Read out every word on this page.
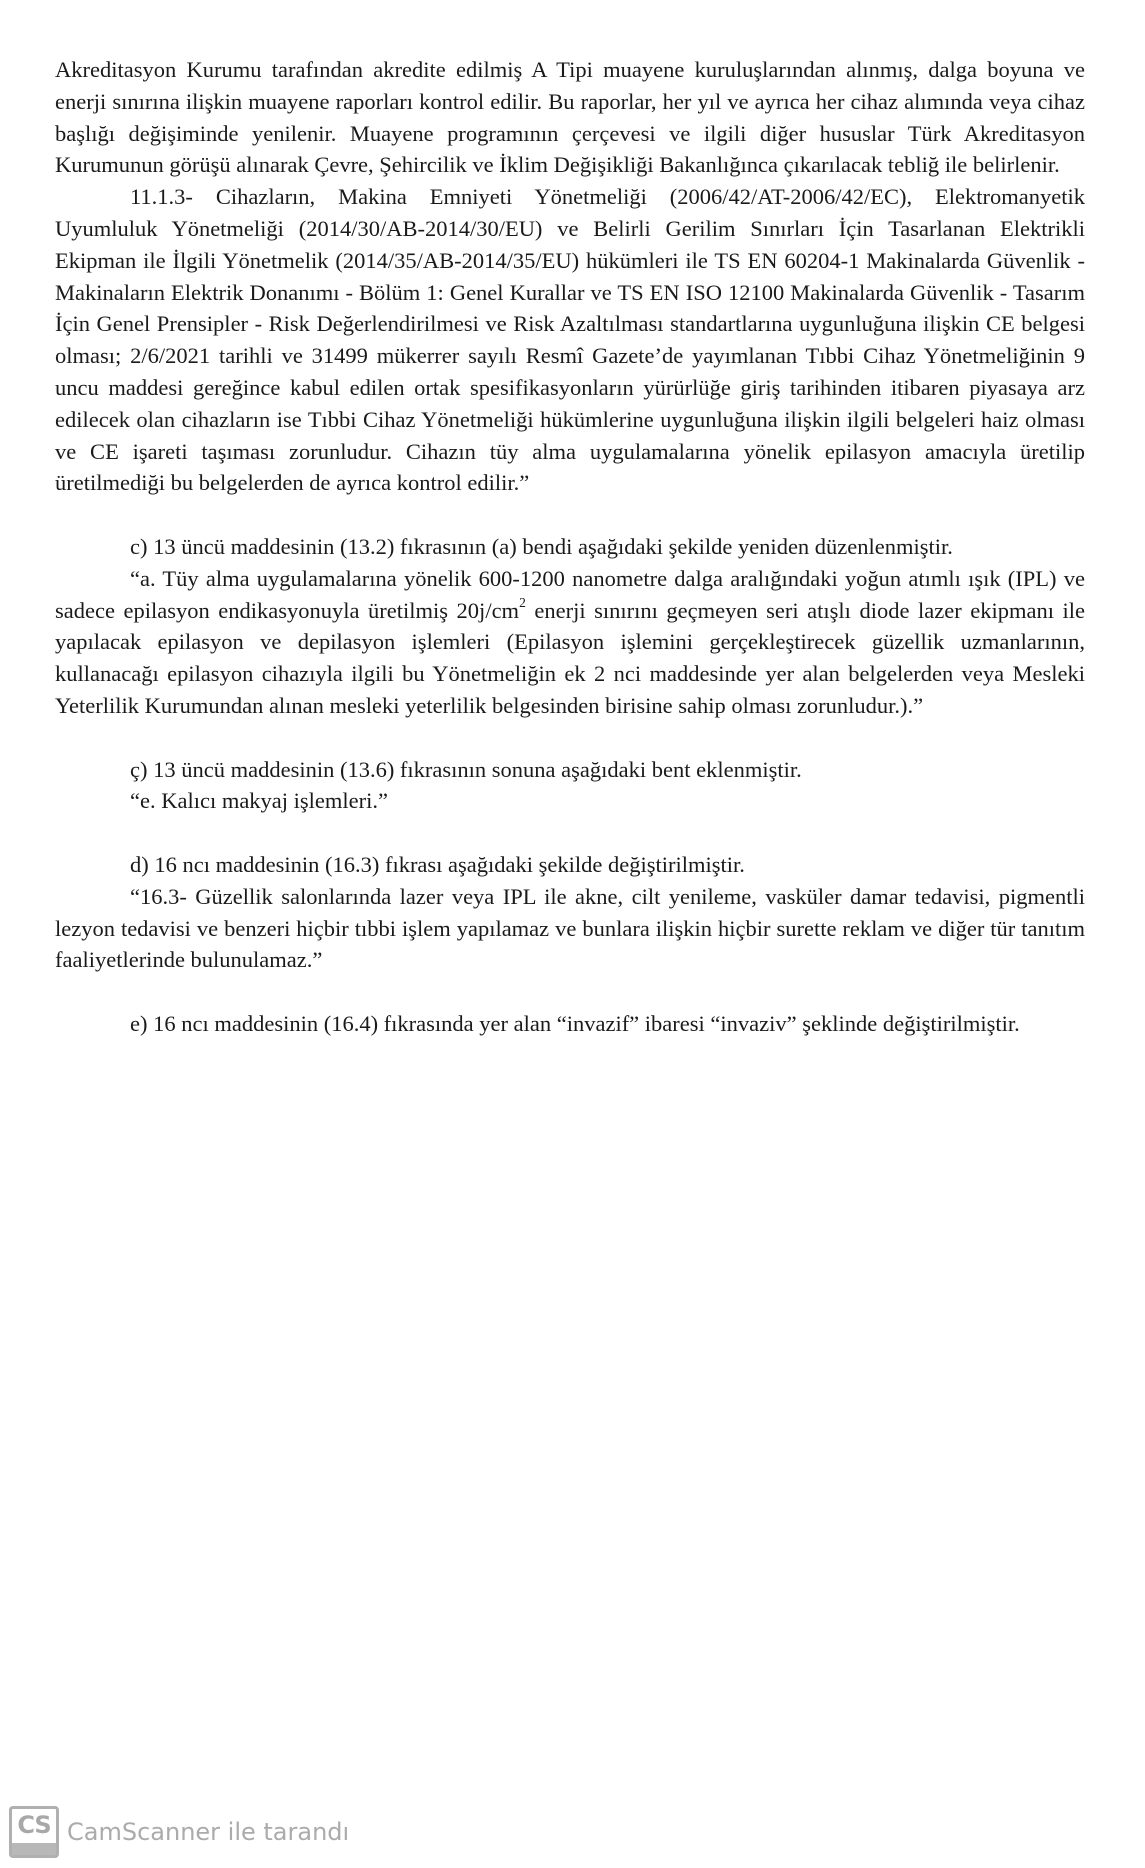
Akreditasyon Kurumu tarafından akredite edilmiş A Tipi muayene kuruluşlarından alınmış, dalga boyuna ve enerji sınırına ilişkin muayene raporları kontrol edilir. Bu raporlar, her yıl ve ayrıca her cihaz alımında veya cihaz başlığı değişiminde yenilenir. Muayene programının çerçevesi ve ilgili diğer hususlar Türk Akreditasyon Kurumunun görüşü alınarak Çevre, Şehircilik ve İklim Değişikliği Bakanlığınca çıkarılacak tebliğ ile belirlenir.

11.1.3- Cihazların, Makina Emniyeti Yönetmeliği (2006/42/AT-2006/42/EC), Elektromanyetik Uyumluluk Yönetmeliği (2014/30/AB-2014/30/EU) ve Belirli Gerilim Sınırları İçin Tasarlanan Elektrikli Ekipman ile İlgili Yönetmelik (2014/35/AB-2014/35/EU) hükümleri ile TS EN 60204-1 Makinalarda Güvenlik - Makinaların Elektrik Donanımı - Bölüm 1: Genel Kurallar ve TS EN ISO 12100 Makinalarda Güvenlik - Tasarım İçin Genel Prensipler - Risk Değerlendirilmesi ve Risk Azaltılması standartlarına uygunluğuna ilişkin CE belgesi olması; 2/6/2021 tarihli ve 31499 mükerrer sayılı Resmî Gazete’de yayımlanan Tıbbi Cihaz Yönetmeliğinin 9 uncu maddesi gereğince kabul edilen ortak spesifikasyonların yürürlüğe giriş tarihinden itibaren piyasaya arz edilecek olan cihazların ise Tıbbi Cihaz Yönetmeliği hükümlerine uygunluğuna ilişkin ilgili belgeleri haiz olması ve CE işareti taşıması zorunludur. Cihazın tüy alma uygulamalarına yönelik epilasyon amacıyla üretilip üretilmediği bu belgelerden de ayrıca kontrol edilir.”

c) 13 üncü maddesinin (13.2) fıkrasının (a) bendi aşağıdaki şekilde yeniden düzenlenmiştir.

“a. Tüy alma uygulamalarına yönelik 600-1200 nanometre dalga aralığındaki yoğun atımlı ışık (IPL) ve sadece epilasyon endikasyonuyla üretilmiş $20j/cm^2$ enerji sınırını geçmeyen seri atışlı diode lazer ekipmanı ile yapılacak epilasyon ve depilasyon işlemleri (Epilasyon işlemini gerçekleştirecek güzellik uzmanlarının, kullanacağı epilasyon cihazıyla ilgili bu Yönetmeliğin ek 2 nci maddesinde yer alan belgelerden veya Mesleki Yeterlilik Kurumundan alınan mesleki yeterlilik belgesinden birisine sahip olması zorunludur.).”

ç) 13 üncü maddesinin (13.6) fıkrasının sonuna aşağıdaki bent eklenmiştir.

“e. Kalıcı makyaj işlemleri.”

d) 16 ncı maddesinin (16.3) fıkrası aşağıdaki şekilde değiştirilmiştir.

“16.3- Güzellik salonlarında lazer veya IPL ile akne, cilt yenileme, vasküler damar tedavisi, pigmentli lezyon tedavisi ve benzeri hiçbir tıbbi işlem yapılamaz ve bunlara ilişkin hiçbir surette reklam ve diğer tür tanıtım faaliyetlerinde bulunulamaz.”

e) 16 ncı maddesinin (16.4) fıkrasında yer alan “invazif” ibaresi “invaziv” şeklinde değiştirilmiştir.

CS CamScanner ile tarandı
